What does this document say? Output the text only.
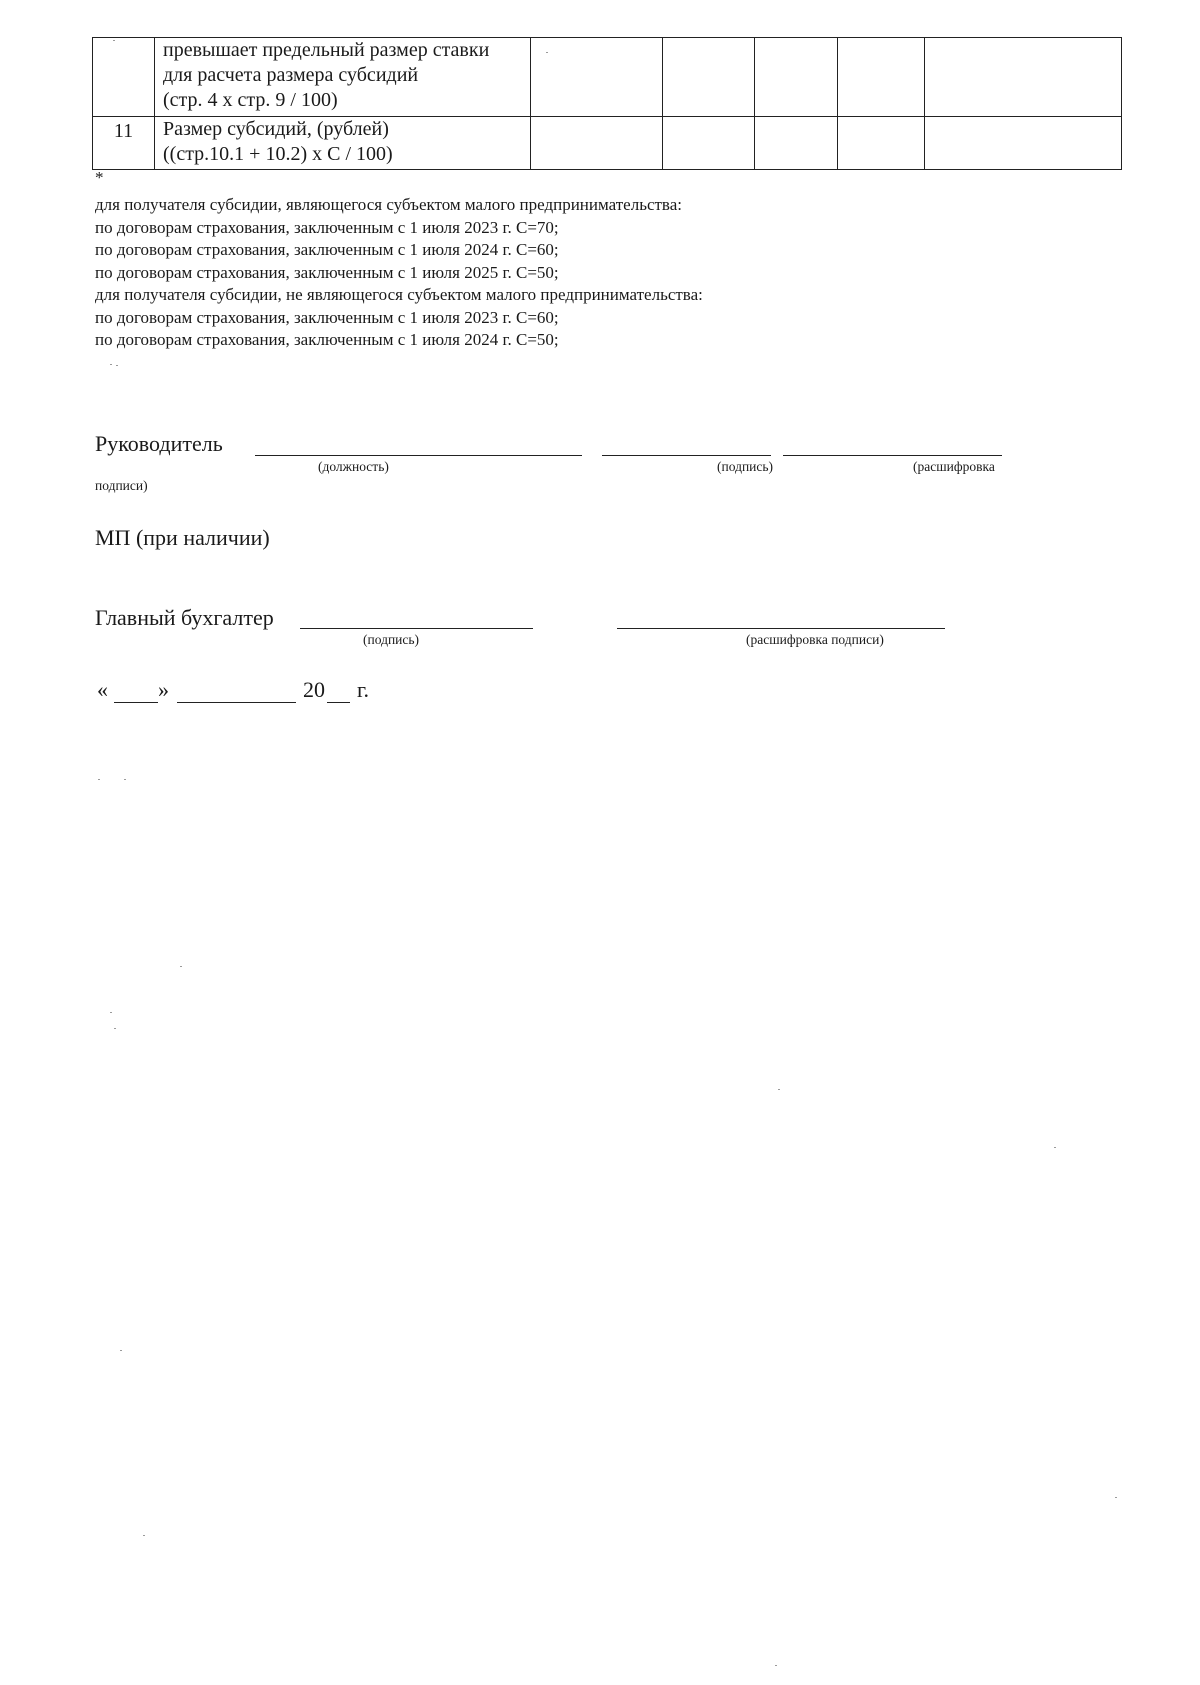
	превышает предельный размер ставки
для расчета размера субсидий
(стр. 4 х стр. 9 / 100)					

11	Размер субсидий, (рублей)
((стр.10.1 + 10.2) х С / 100)					

*
для получателя субсидии, являющегося субъектом малого предпринимательства:
по договорам страхования, заключенным с 1 июля 2023 г. С=70;
по договорам страхования, заключенным с 1 июля 2024 г. С=60;
по договорам страхования, заключенным с 1 июля 2025 г. С=50;
для получателя субсидии, не являющегося субъектом малого предпринимательства:
по договорам страхования, заключенным с 1 июля 2023 г. С=60;
по договорам страхования, заключенным с 1 июля 2024 г. С=50;
Руководитель
(должность)	(подпись)	(расшифровка
подписи)
МП (при наличии)
Главный бухгалтер
(подпись)	(расшифровка подписи)
« »	20 г.
